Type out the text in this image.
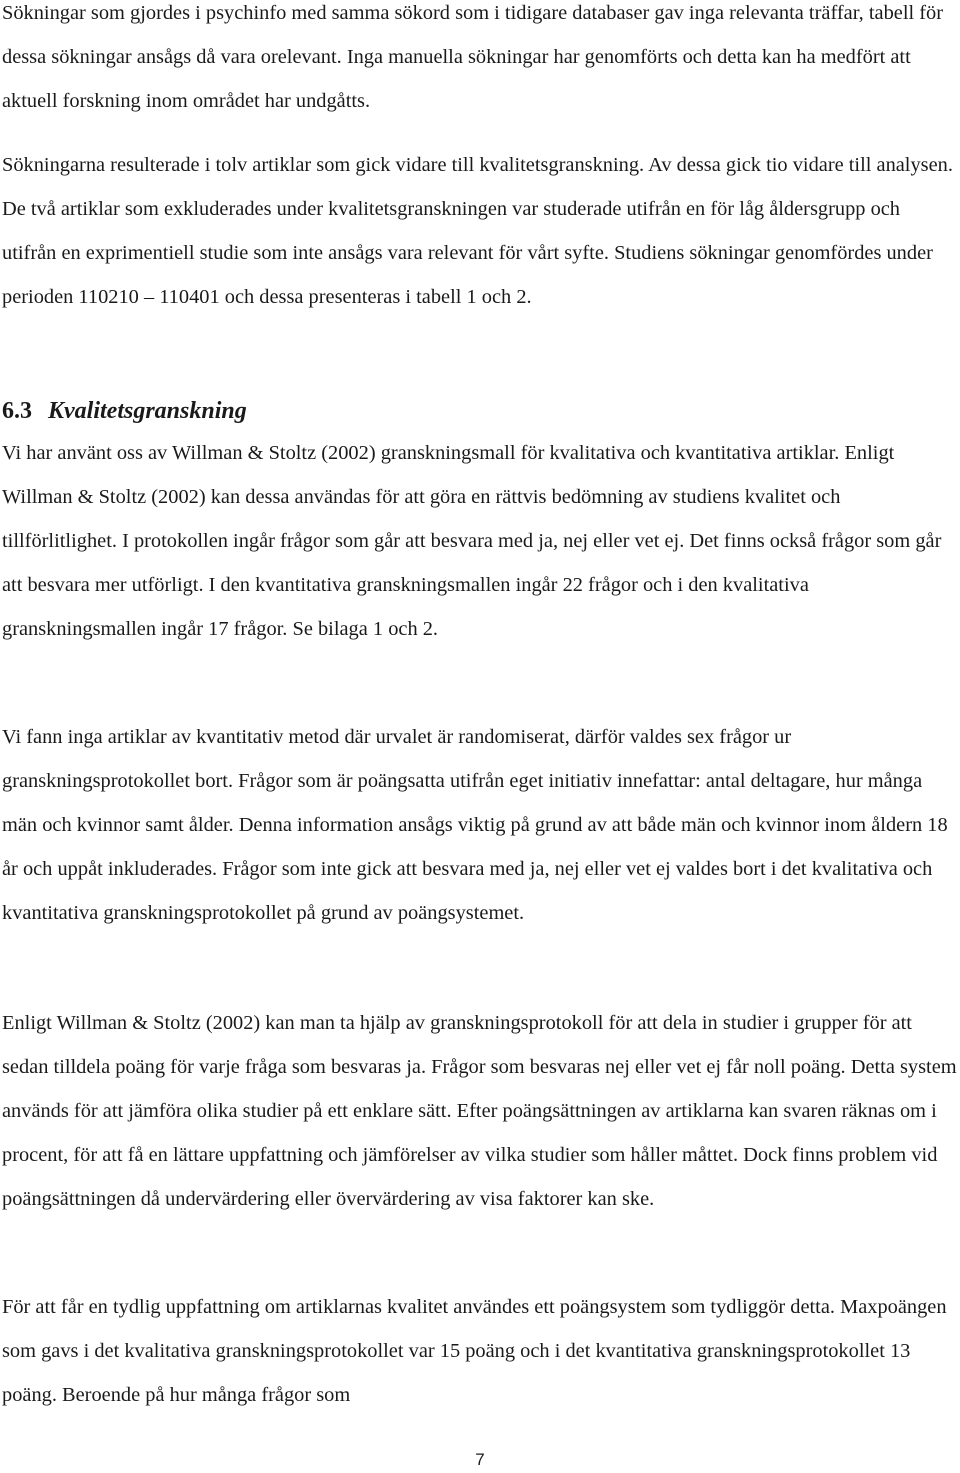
Sökningar som gjordes i psychinfo med samma sökord som i tidigare databaser gav inga relevanta träffar, tabell för dessa sökningar ansågs då vara orelevant. Inga manuella sökningar har genomförts och detta kan ha medfört att aktuell forskning inom området har undgåtts.

Sökningarna resulterade i tolv artiklar som gick vidare till kvalitetsgranskning. Av dessa gick tio vidare till analysen. De två artiklar som exkluderades under kvalitetsgranskningen var studerade utifrån en för låg åldersgrupp och utifrån en exprimentiell studie som inte ansågs vara relevant för vårt syfte. Studiens sökningar genomfördes under perioden 110210 – 110401 och dessa presenteras i tabell 1 och 2.

6.3 Kvalitetsgranskning

Vi har använt oss av Willman & Stoltz (2002) granskningsmall för kvalitativa och kvantitativa artiklar. Enligt Willman & Stoltz (2002) kan dessa användas för att göra en rättvis bedömning av studiens kvalitet och tillförlitlighet. I protokollen ingår frågor som går att besvara med ja, nej eller vet ej. Det finns också frågor som går att besvara mer utförligt. I den kvantitativa granskningsmallen ingår 22 frågor och i den kvalitativa granskningsmallen ingår 17 frågor. Se bilaga 1 och 2.

Vi fann inga artiklar av kvantitativ metod där urvalet är randomiserat, därför valdes sex frågor ur granskningsprotokollet bort. Frågor som är poängsatta utifrån eget initiativ innefattar: antal deltagare, hur många män och kvinnor samt ålder. Denna information ansågs viktig på grund av att både män och kvinnor inom åldern 18 år och uppåt inkluderades. Frågor som inte gick att besvara med ja, nej eller vet ej valdes bort i det kvalitativa och kvantitativa granskningsprotokollet på grund av poängsystemet.

Enligt Willman & Stoltz (2002) kan man ta hjälp av granskningsprotokoll för att dela in studier i grupper för att sedan tilldela poäng för varje fråga som besvaras ja. Frågor som besvaras nej eller vet ej får noll poäng. Detta system används för att jämföra olika studier på ett enklare sätt. Efter poängsättningen av artiklarna kan svaren räknas om i procent, för att få en lättare uppfattning och jämförelser av vilka studier som håller måttet. Dock finns problem vid poängsättningen då undervärdering eller övervärdering av visa faktorer kan ske.

För att får en tydlig uppfattning om artiklarnas kvalitet användes ett poängsystem som tydliggör detta. Maxpoängen som gavs i det kvalitativa granskningsprotokollet var 15 poäng och i det kvantitativa granskningsprotokollet 13 poäng. Beroende på hur många frågor som

7
